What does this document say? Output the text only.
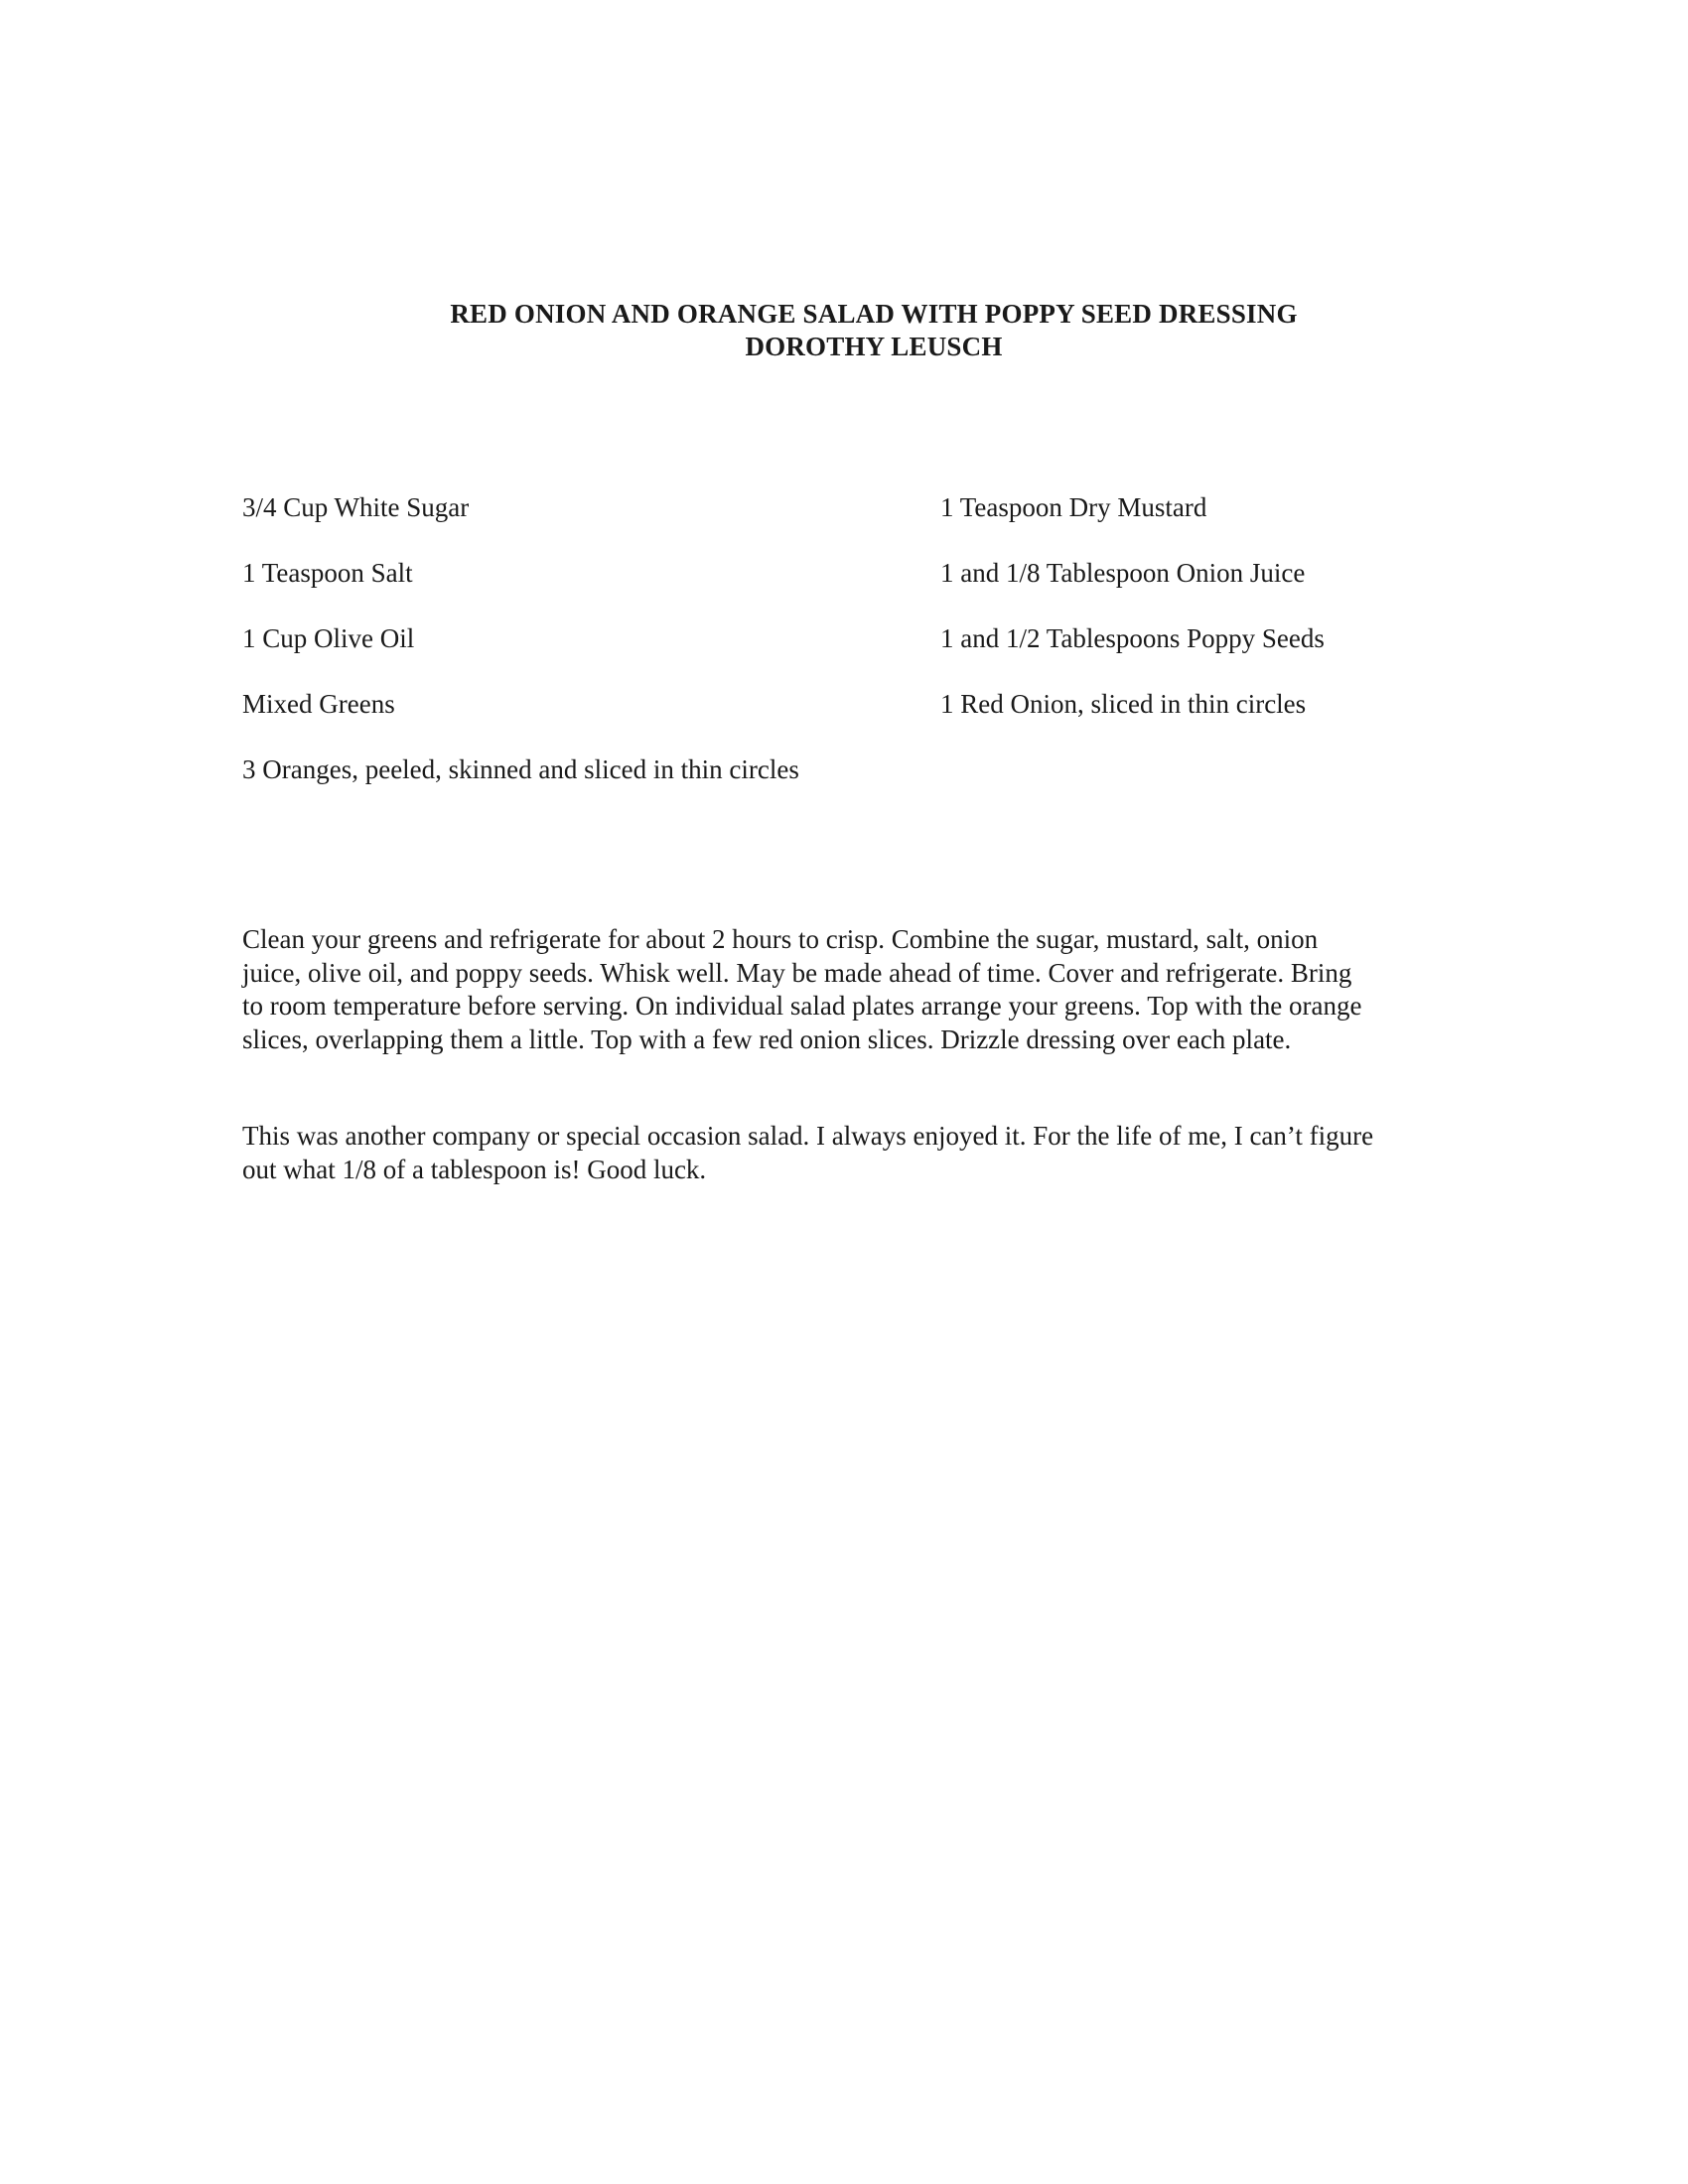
RED ONION AND ORANGE SALAD WITH POPPY SEED DRESSING
DOROTHY LEUSCH
3/4 Cup White Sugar	1 Teaspoon Dry Mustard
1 Teaspoon Salt	1 and 1/8 Tablespoon Onion Juice
1 Cup Olive Oil	1 and 1/2 Tablespoons Poppy Seeds
Mixed Greens	1 Red Onion, sliced in thin circles
3 Oranges, peeled, skinned and sliced in thin circles
Clean your greens and refrigerate for about 2 hours to crisp. Combine the sugar, mustard, salt, onion
juice, olive oil, and poppy seeds. Whisk well. May be made ahead of time. Cover and refrigerate. Bring
to room temperature before serving. On individual salad plates arrange your greens. Top with the orange
slices, overlapping them a little. Top with a few red onion slices. Drizzle dressing over each plate.
This was another company or special occasion salad. I always enjoyed it. For the life of me, I can’t figure
out what 1/8 of a tablespoon is! Good luck.
